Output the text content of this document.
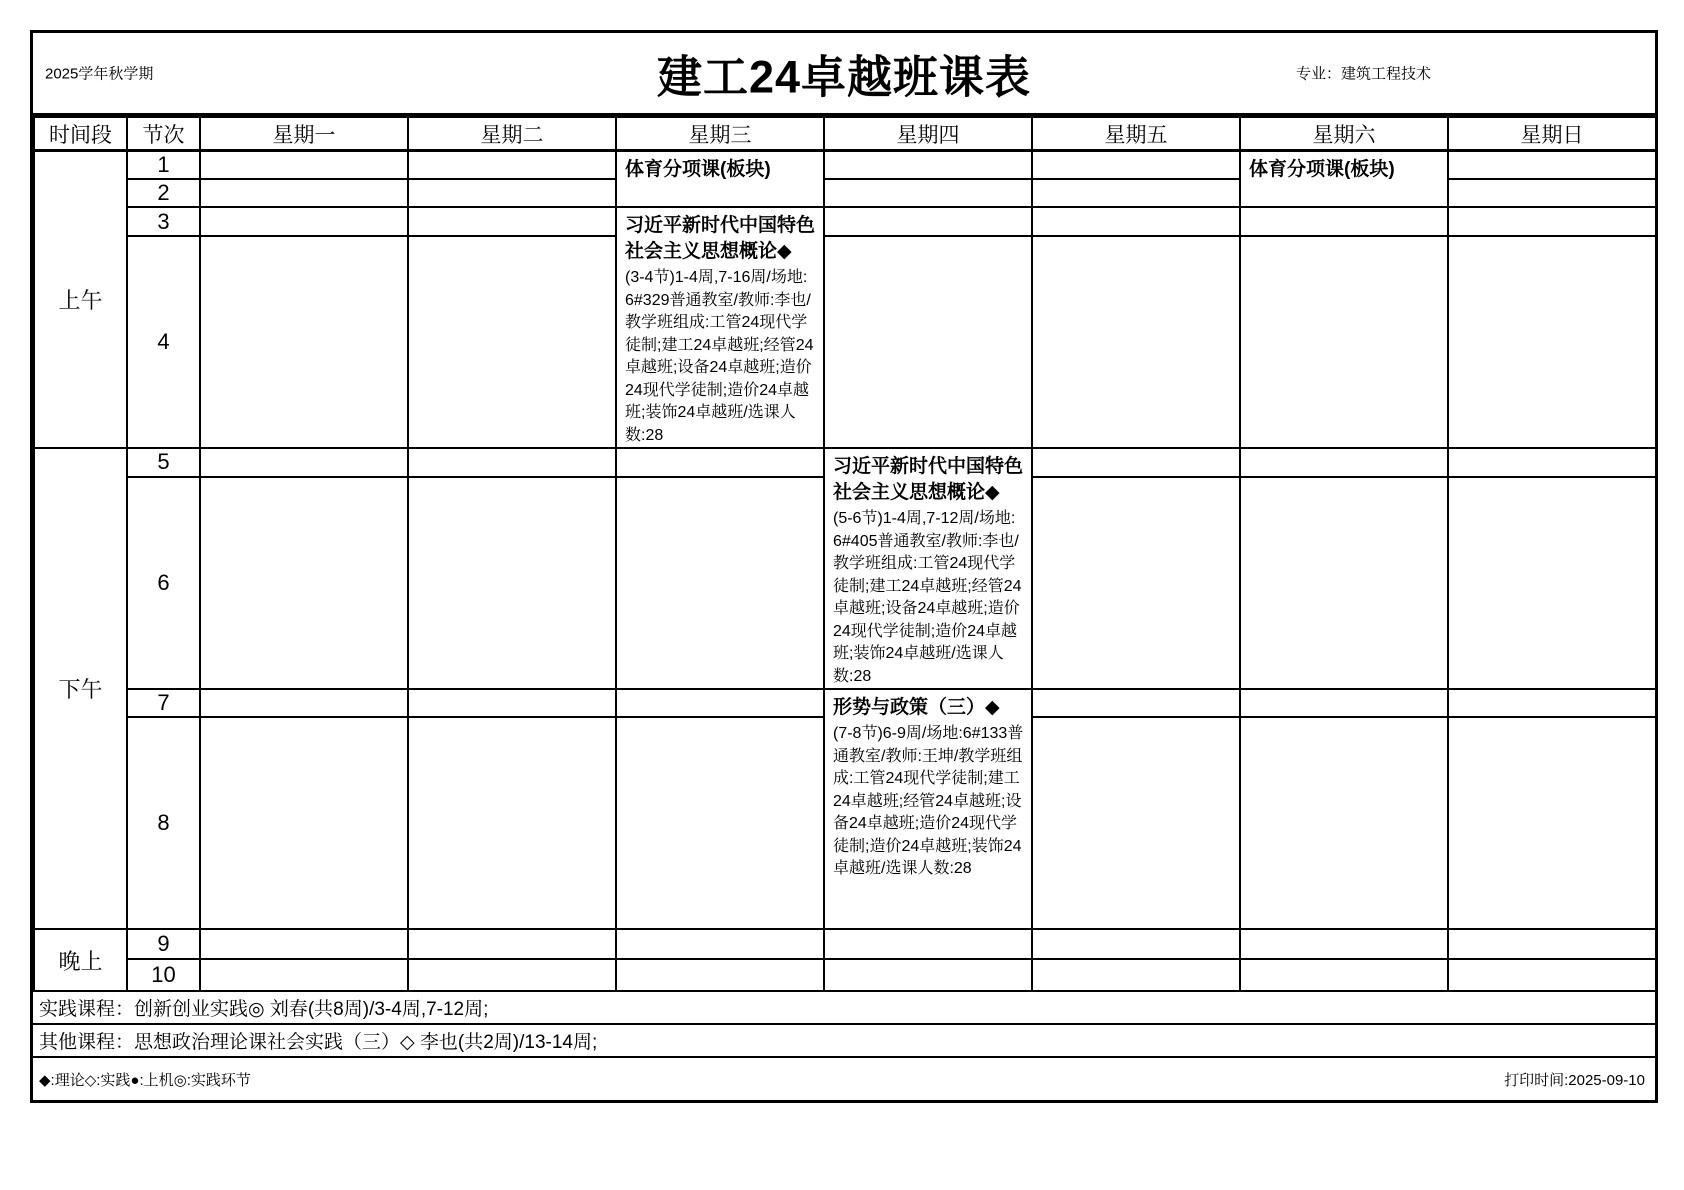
2025学年秋学期	建工24卓越班课表	专业：建筑工程技术
时间段	节次	星期一	星期二	星期三	星期四	星期五	星期六	星期日
上午	1			体育分项课(板块)			体育分项课(板块)	

	2							
	3			习近平新时代中国特色社会主义思想概论◆
(3-4节)1-4周,7-16周/场地:6#329普通教室/教师:李也/教学班组成:工管24现代学徒制;建工24卓越班;经管24卓越班;设备24卓越班;造价24现代学徒制;造价24卓越班;装饰24卓越班/选课人数:28				

	4							
下午	5				习近平新时代中国特色社会主义思想概论◆
(5-6节)1-4周,7-12周/场地:6#405普通教室/教师:李也/教学班组成:工管24现代学徒制;建工24卓越班;经管24卓越班;设备24卓越班;造价24现代学徒制;造价24卓越班;装饰24卓越班/选课人数:28			

	6							
	7				形势与政策（三）◆
(7-8节)6-9周/场地:6#133普通教室/教师:王坤/教学班组成:工管24现代学徒制;建工24卓越班;经管24卓越班;设备24卓越班;造价24现代学徒制;造价24卓越班;装饰24卓越班/选课人数:28			

	8							
晚上	9							
	10							
实践课程：创新创业实践◎ 刘春(共8周)/3-4周,7-12周;
其他课程：思想政治理论课社会实践（三）◇ 李也(共2周)/13-14周;
◆:理论◇:实践●:上机◎:实践环节	打印时间:2025-09-10
